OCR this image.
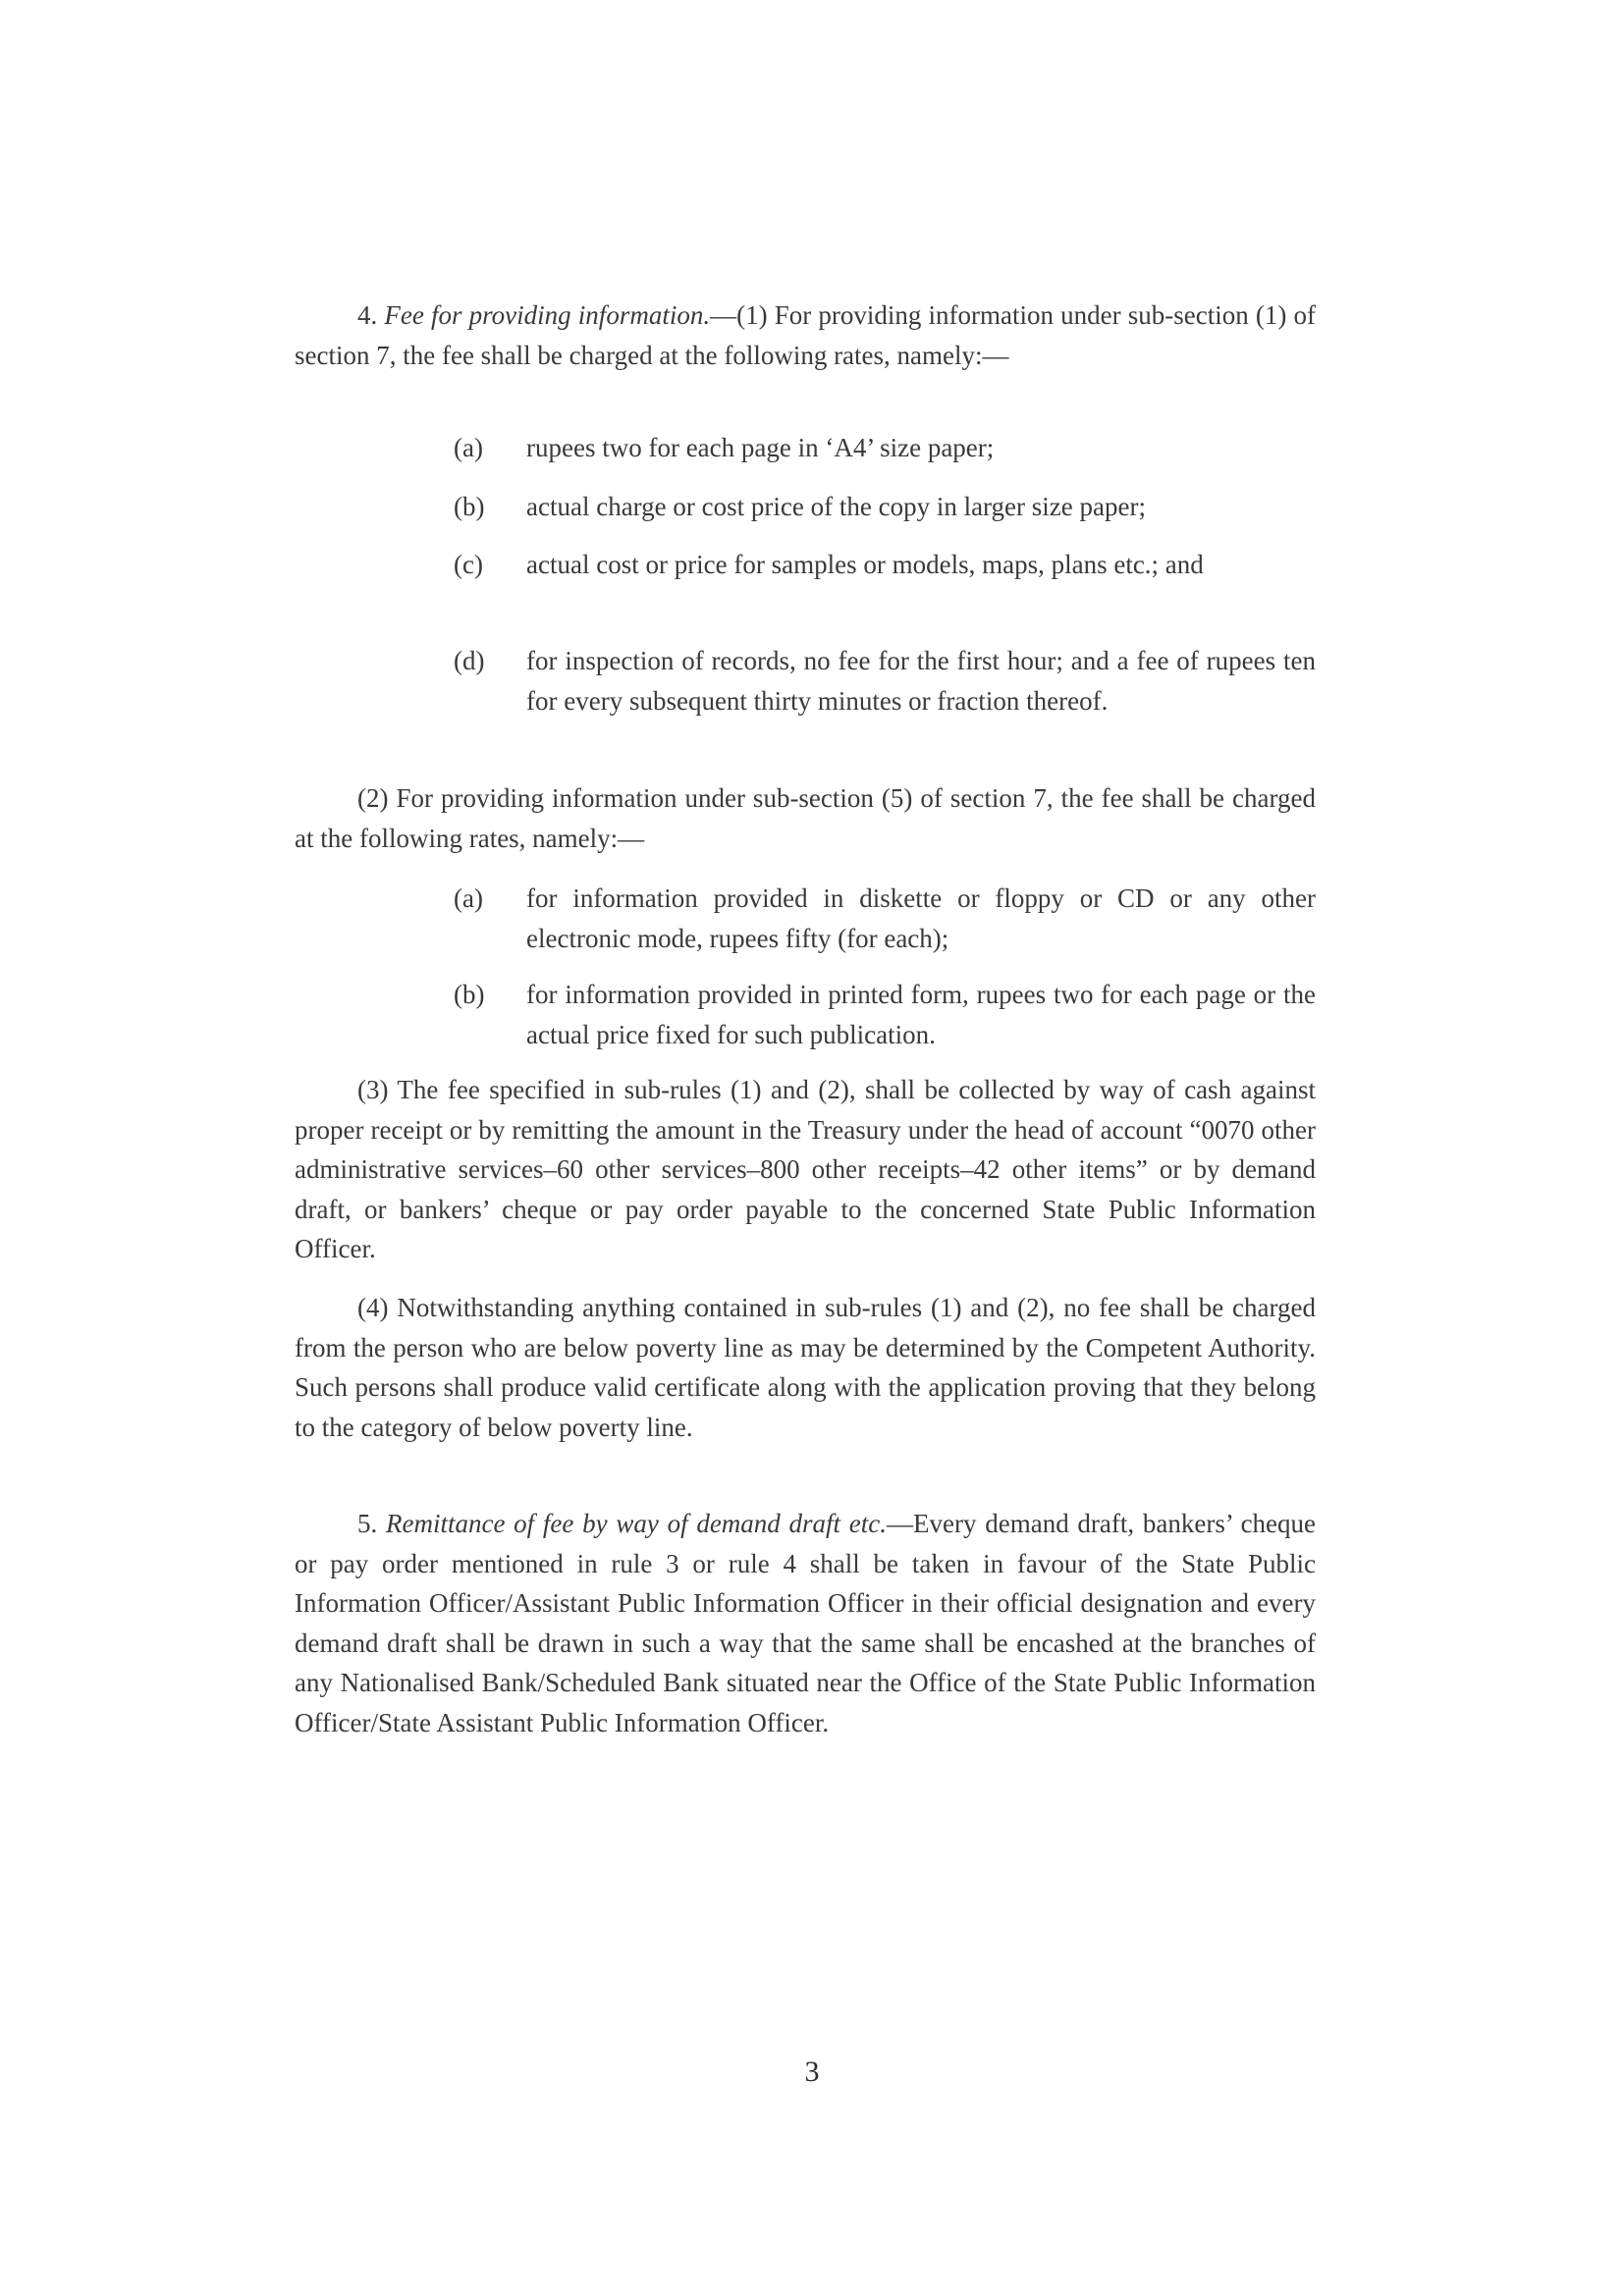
4. Fee for providing information.—(1) For providing information under sub-section (1) of section 7, the fee shall be charged at the following rates, namely:—
(a) rupees two for each page in ‘A4’ size paper;
(b) actual charge or cost price of the copy in larger size paper;
(c) actual cost or price for samples or models, maps, plans etc.; and
(d) for inspection of records, no fee for the first hour; and a fee of rupees ten for every subsequent thirty minutes or fraction thereof.
(2) For providing information under sub-section (5) of section 7, the fee shall be charged at the following rates, namely:—
(a) for information provided in diskette or floppy or CD or any other electronic mode, rupees fifty (for each);
(b) for information provided in printed form, rupees two for each page or the actual price fixed for such publication.
(3) The fee specified in sub-rules (1) and (2), shall be collected by way of cash against proper receipt or by remitting the amount in the Treasury under the head of account “0070 other administrative services–60 other services–800 other receipts–42 other items” or by demand draft, or bankers’ cheque or pay order payable to the concerned State Public Information Officer.
(4) Notwithstanding anything contained in sub-rules (1) and (2), no fee shall be charged from the person who are below poverty line as may be determined by the Competent Authority. Such persons shall produce valid certificate along with the application proving that they belong to the category of below poverty line.
5. Remittance of fee by way of demand draft etc.—Every demand draft, bankers’ cheque or pay order mentioned in rule 3 or rule 4 shall be taken in favour of the State Public Information Officer/Assistant Public Information Officer in their official designation and every demand draft shall be drawn in such a way that the same shall be encashed at the branches of any Nationalised Bank/Scheduled Bank situated near the Office of the State Public Information Officer/State Assistant Public Information Officer.
3
